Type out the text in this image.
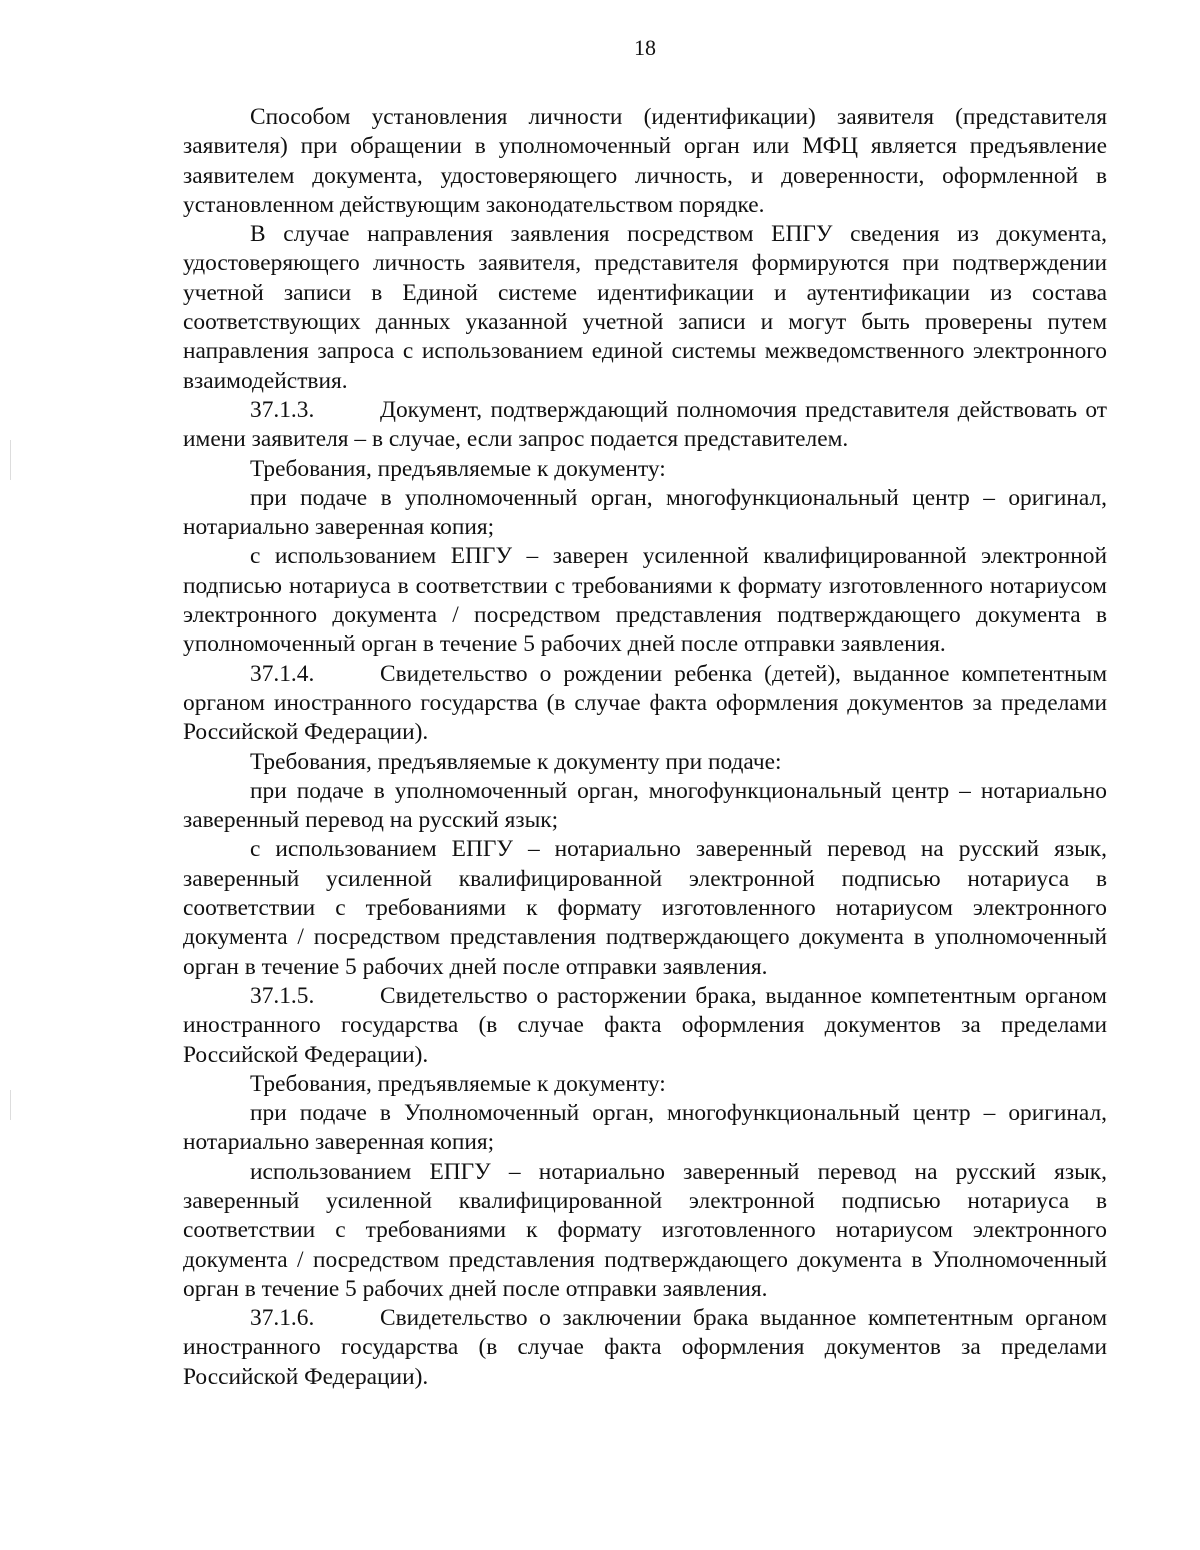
18

Способом установления личности (идентификации) заявителя (представителя заявителя) при обращении в уполномоченный орган или МФЦ является предъявление заявителем документа, удостоверяющего личность, и доверенности, оформленной в установленном действующим законодательством порядке.

В случае направления заявления посредством ЕПГУ сведения из документа, удостоверяющего личность заявителя, представителя формируются при подтверждении учетной записи в Единой системе идентификации и аутентификации из состава соответствующих данных указанной учетной записи и могут быть проверены путем направления запроса с использованием единой системы межведомственного электронного взаимодействия.

37.1.3.	Документ, подтверждающий полномочия представителя действовать от имени заявителя – в случае, если запрос подается представителем.

Требования, предъявляемые к документу:

при подаче в уполномоченный орган, многофункциональный центр – оригинал, нотариально заверенная копия;

с использованием ЕПГУ – заверен усиленной квалифицированной электронной подписью нотариуса в соответствии с требованиями к формату изготовленного нотариусом электронного документа / посредством представления подтверждающего документа в уполномоченный орган в течение 5 рабочих дней после отправки заявления.

37.1.4.	Свидетельство о рождении ребенка (детей), выданное компетентным органом иностранного государства (в случае факта оформления документов за пределами Российской Федерации).

Требования, предъявляемые к документу при подаче:

при подаче в уполномоченный орган, многофункциональный центр – нотариально заверенный перевод на русский язык;

с использованием ЕПГУ – нотариально заверенный перевод на русский язык, заверенный усиленной квалифицированной электронной подписью нотариуса в соответствии с требованиями к формату изготовленного нотариусом электронного документа / посредством представления подтверждающего документа в уполномоченный орган в течение 5 рабочих дней после отправки заявления.

37.1.5.	Свидетельство о расторжении брака, выданное компетентным органом иностранного государства (в случае факта оформления документов за пределами Российской Федерации).

Требования, предъявляемые к документу:

при подаче в Уполномоченный орган, многофункциональный центр – оригинал, нотариально заверенная копия;

использованием ЕПГУ – нотариально заверенный перевод на русский язык, заверенный усиленной квалифицированной электронной подписью нотариуса в соответствии с требованиями к формату изготовленного нотариусом электронного документа / посредством представления подтверждающего документа в Уполномоченный орган в течение 5 рабочих дней после отправки заявления.

37.1.6.	Свидетельство о заключении брака выданное компетентным органом иностранного государства (в случае факта оформления документов за пределами Российской Федерации).
